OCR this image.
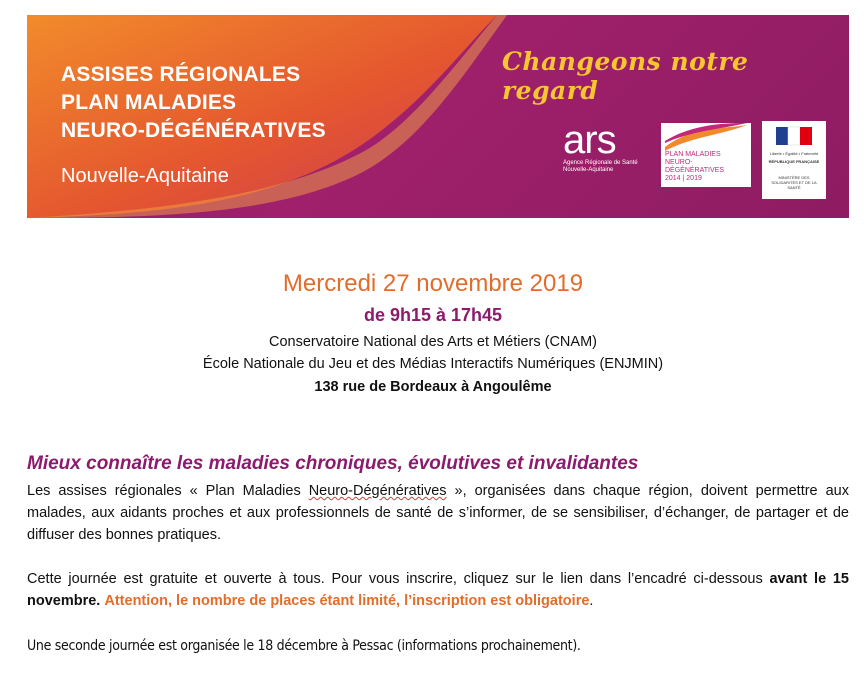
ASSISES RÉGIONALES
PLAN MALADIES
NEURO-DÉGÉNÉRATIVES
Nouvelle-Aquitaine
Changeons notre regard
ars
Agence Régionale de Santé
Nouvelle-Aquitaine
PLAN MALADIES
NEURO-DÉGÉNÉRATIVES
2014 | 2019
Liberté • Égalité • Fraternité
RÉPUBLIQUE FRANÇAISE
MINISTÈRE DES SOLIDARITÉS ET DE LA SANTÉ
Mercredi 27 novembre 2019
de 9h15 à 17h45
Conservatoire National des Arts et Métiers (CNAM)
École Nationale du Jeu et des Médias Interactifs Numériques (ENJMIN)
138 rue de Bordeaux à Angoulême
Mieux connaître les maladies chroniques, évolutives et invalidantes
Les assises régionales « Plan Maladies Neuro-Dégénératives », organisées dans chaque région, doivent permettre aux malades, aux aidants proches et aux professionnels de santé de s’informer, de se sensibiliser, d’échanger, de partager et de diffuser des bonnes pratiques.
Cette journée est gratuite et ouverte à tous. Pour vous inscrire, cliquez sur le lien dans l’encadré ci-dessous avant le 15 novembre. Attention, le nombre de places étant limité, l’inscription est obligatoire.
Une seconde journée est organisée le 18 décembre à Pessac (informations prochainement).
